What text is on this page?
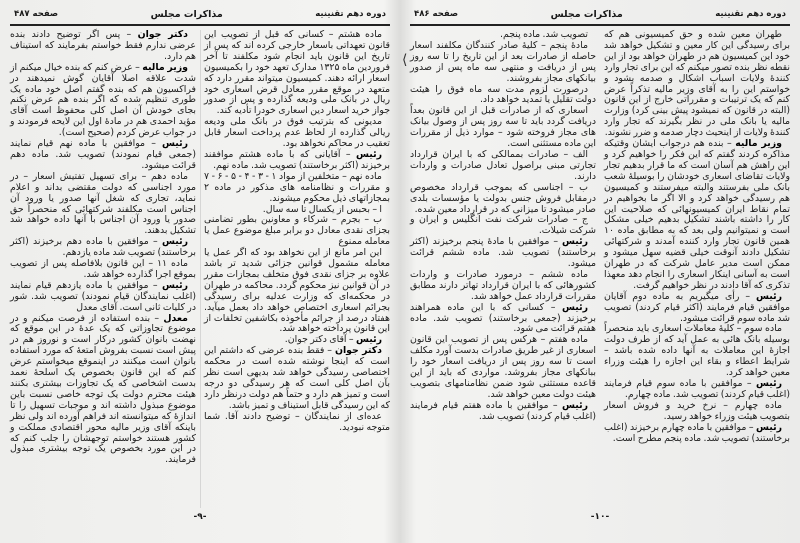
دوره دهم تقنینیه
مذاکرات مجلس
صفحه ۴۸۷

ماده هشتم – کسانی که قبل از تصویب این قانون تعهداتی باسعار خارجی کرده اند که پس از تاریخ این قانون باید انجام شود مکلفند تا آخر فروردین ماه ۱۳۲۵ مدارک تعهد خود را بکمیسیون اسعار ارائه دهند. کمیسیون میتواند مقرر دارد که متعهد در موقع مقرر معادل قرض اسعاری خود ریال در بانک ملی ودیعه گذارده و پس از صدور جواز خرید اسعار دین اسعاری خودرا تأدیه کند.

مدیونی که بترتیب فوق در بانک ملی ودیعه ریالی گذارده از لحاظ عدم پرداخت اسعار قابل تعقیب در محاکم نخواهد بود.

رئیس – آقایانی که با ماده هشتم موافقند برخیزند (اکثر برخاستند) تصویب شد. ماده نهم.

ماده نهم – متخلفین از مواد ۱ - ۳ - ۴ - ۵ - ۶ - ۷ و مقررات و نظامنامه های مذکور در ماده ۲ بمجازاتهای ذیل محکوم میشوند.

ا – بحبس از یکسال تا سه سال.

ب – بجرم – شرکاء و معاونین بطور تضامنی بجزای نقدی معادل دو برابر مبلغ موضوع عمل یا معامله ممنوع

این امر مانع از این نخواهد بود که اگر عمل یا معامله مشمول قوانین جزائی شدید تر باشد علاوه بر جزای نقدی فوق متخلف بمجازات مقرر در آن قوانین نیز محکوم گردد. محاکمه در طهران در محکمه‌ای که وزارت عدلیه برای رسیدگی بجرائم اسعاری اختصاص خواهد داد بعمل میآید. هفتاد درصد از جرائم مأخوذه بکاشفین تخلفات از این قانون پرداخته خواهد شد.

رئیس – آقای دکتر جوان.

دکتر جوان – فقط بنده عرضی که داشتم این است که اینجا نوشته شده است در محکمه اختصاصی رسیدگی خواهد شد بدیهی است نظر بآن اصل کلی است که هر رسیدگی دو درجه است و تمیز هم دارد و حتماً هم دولت درنظر دارد که این رسیدگی قابل استیناف و تمیز باشد.

عده‌ای از نمایندگان – توضیح دادند آقا. شما متوجه نبودید.

دکتر جوان – پس اگر توضیح دادند بنده عرضی ندارم فقط خواستم بفرمایند که استیناف هم دارد.

وزیر مالیه – عرض کنم که بنده خیال میکنم از شدت علاقه اصلا آقایان گوش نمیدهند در فراکسیون هم که بنده گفتم اصل خود ماده یک طوری تنظیم شده که اگر بنده هم عرض نکنم بجای خودش آن اصل کلی محفوظ است آقای مؤید احمدی هم در مادهٔ اول این لایحه فرمودند و در جواب عرض کردم (صحیح است).

رئیس – موافقین با ماده نهم قیام نمایند (جمعی قیام نمودند) تصویب شد. ماده دهم قرائت میشود.

ماده دهم – برای تسهیل تفتیش اسعار – در مورد اجناسی که دولت مقتضی بداند و اعلام نماید، تجاری که شغل آنها صدور یا ورود آن اجناس است مکلفند شرکتهائی که منحصراً حق صدور یا ورود آن اجناس با آنها داده خواهد شد تشکیل بدهند.

رئیس – موافقین با ماده دهم برخیزند (اکثر برخاستند) تصویب شد ماده یازدهم.

ماده ۱۱ – این قانون بلافاصله پس از تصویب بموقع اجرا گذارده خواهد شد.

رئیس – موافقین با ماده یازدهم قیام نمایند (اغلب نمایندگان قیام نمودند) تصویب شد. شور در کلیات ثانی است. آقای معدل

معدل – بنده استفاده از فرصت میکنم و در موضوع تجاوزاتی که یک عدهٔ در این موقع که نهضت بانوان کشور درکار است و نوروز هم در پیش است نسبت بفروش امتعهٔ که مورد استفاده بانوان است میکنند در اینموقع میخواستم عرض کنم که این قانون بخصوص یک اسلحهٔ نعمد بدست اشخاصی که یک تجاوزات بیشتری بکنند هیئت محترم دولت یک توجه خاصی نسبت باین موضوع مبذول داشته اند و موجبات تسهیل را تا اندازهٔ که میتوانسته اند فراهم آورده اند ولی نظر باینکه آقای وزیر مالیه محور اقتصادی مملکت و کشور هستند خواستم توجهشان را جلب کنم که در این مورد بخصوص یک توجه بیشتری مبذول فرمایند.

-۹-
دوره دهم تقنینیه
مذاکرات مجلس
صفحه ۴۸۶
⟨

طهران معین شده و حق کمیسیونی هم که برای رسیدگی این کار معین و تشکیل خواهد شد خود این کمیسیون هم در طهران خواهد بود از این نقطه نظر بنده تصور میکنم که این برای تجار وارد کنندهٔ ولایات اسباب اشکال و صدمه بشود و خواستم این را به آقای وزیر مالیه تذکراً عرض کنم که یک ترتیبات و مقرراتی خارج از این قانون (البته در قانون که نمیشود پیش بینی کرد) وزارت مالیه یا بانک ملی در نظر بگیرند که تجار وارد کنندهٔ ولایات از اینحیث دچار صدمه و ضرر نشوند.

وزیر مالیه – بنده هم درجواب ایشان وقتیکه مذاکره کردند گفتم که این فکر را خواهیم کرد و این راهش هم آسان است که ما قرار بدهیم تجار ولایات تقاضای اسعاری خودشان را بوسیلهٔ شعب بانک ملی بفرستند والبته میفرستند و کمیسیون هم رسیدگی خواهد کرد و الا اگر ما بخواهیم در تمام نقاط ایران کمیسیونهائی که صلاحیت این کار را داشته باشند تشکیل بدهیم خیلی مشکل است و نمیتوانیم ولی بعد که به مطابق ماده ۱۰ همین قانون تجار وارد کننده آمدند و شرکتهائی تشکیل دادند آنوقت خیلی قضیه سهل میشود و ممکن است مدیر عامل شرکت که در طهران است به آسانی اینکار اسعاری را انجام دهد معهذا تذکری که آقا دادند در نظر خواهیم گرفت.

رئیس – رأی میگیریم به ماده دوم آقایان موافقین قیام فرمایند (اکثر قیام کردند) تصویب شد ماده سوم قرائت میشود.

ماده سوم – کلیهٔ معاملات اسعاری باید منحصراً بوسیله بانک هائی به عمل آید که از طرف دولت اجازهٔ این معاملات به آنها داده شده باشد – شرایط اعطاء و بقاء این اجازه را هیئت وزراء معین خواهد کرد.

رئیس – موافقین با ماده سوم قیام فرمایند (اغلب قیام کردند) تصویب شد. ماده چهارم.

ماده چهارم – نرخ خرید و فروش اسعار بتصویب هیئت وزراء خواهد رسید.

رئیس – موافقین با ماده چهارم برخیزند (اغلب برخاستند) تصویب شد. ماده پنجم مطرح است.

تصویب شد. ماده پنجم.

مادهٔ پنجم – کلیهٔ صادر کنندگان مکلفند اسعار حاصله از صادرات بعد از این تاریخ را تا سه روز پس از دریافت و منتهی سه ماه پس از صدور بیانکهای مجاز بفروشند.

درصورت لزوم مدت سه ماه فوق را هیئت دولت تقلیل یا تمدید خواهد داد.

اسعاری که از صادرات قبل از این قانون بعداً دریافت گردد باید تا سه روز پس از وصول بیانک های مجاز فروخته شود – موارد ذیل از مقررات این ماده مستثنی است.

الف – صادرات بممالکی که با ایران قرارداد تجارتی مبنی براصول تعادل صادرات و واردات دارند.

ب – اجناسی که بموجب قرارداد مخصوص درمقابل فروش جنس بدولت یا مؤسسات بلدی صادر میشود تا میزانی که در قرارداد معین شده.

ج – صادرات شرکت نفت انگلیس و ایران و شرکت شیلات.

رئیس – موافقین با مادهٔ پنجم برخیزند (اکثر برخاستند) تصویب شد. ماده ششم قرائت میشود.

ماده ششم – درمورد صادرات و واردات کشورهائی که با ایران قرارداد تهاتر دارند مطابق مقررات قرارداد عمل خواهد شد.

رئیس – کسانی که با این ماده همراهند برخیزند (جمعی برخاستند) تصویب شد. ماده هفتم قرائت می شود.

ماده هفتم – هرکس پس از تصویب این قانون اسعاری از غیر طریق صادرات بدست آورد مکلف است تا سه روز پس از دریافت اسعار خود را ببانکهای مجاز بفروشد. مواردی که باید از این قاعده مستثنی شود ضمن نظامنامهای بتصویب هیئت دولت معین خواهد شد.

رئیس – موافقین با ماده هفتم قیام فرمایند (اغلب قیام کردند) تصویب شد.

-۱۰-
